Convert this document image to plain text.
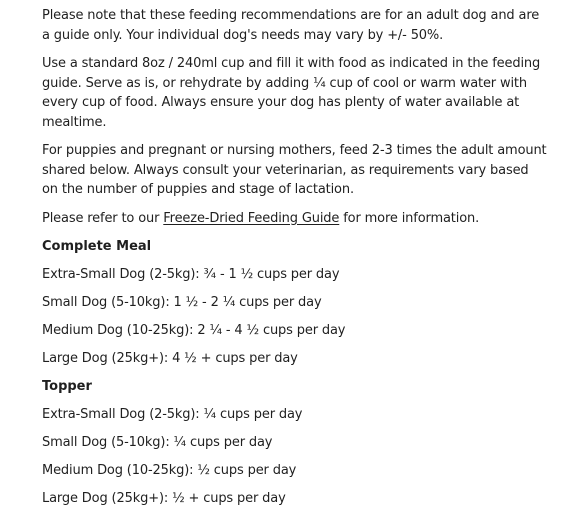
Please note that these feeding recommendations are for an adult dog and are a guide only. Your individual dog's needs may vary by +/- 50%.

Use a standard 8oz / 240ml cup and fill it with food as indicated in the feeding guide. Serve as is, or rehydrate by adding ¼ cup of cool or warm water with every cup of food. Always ensure your dog has plenty of water available at mealtime.

For puppies and pregnant or nursing mothers, feed 2-3 times the adult amount shared below. Always consult your veterinarian, as requirements vary based on the number of puppies and stage of lactation.

Please refer to our Freeze-Dried Feeding Guide for more information.

Complete Meal

Extra-Small Dog (2-5kg): ¾ - 1 ½ cups per day

Small Dog (5-10kg): 1 ½ - 2 ¼ cups per day

Medium Dog (10-25kg): 2 ¼ - 4 ½ cups per day

Large Dog (25kg+): 4 ½ + cups per day

Topper

Extra-Small Dog (2-5kg): ¼ cups per day

Small Dog (5-10kg): ¼ cups per day

Medium Dog (10-25kg): ½ cups per day

Large Dog (25kg+): ½ + cups per day
